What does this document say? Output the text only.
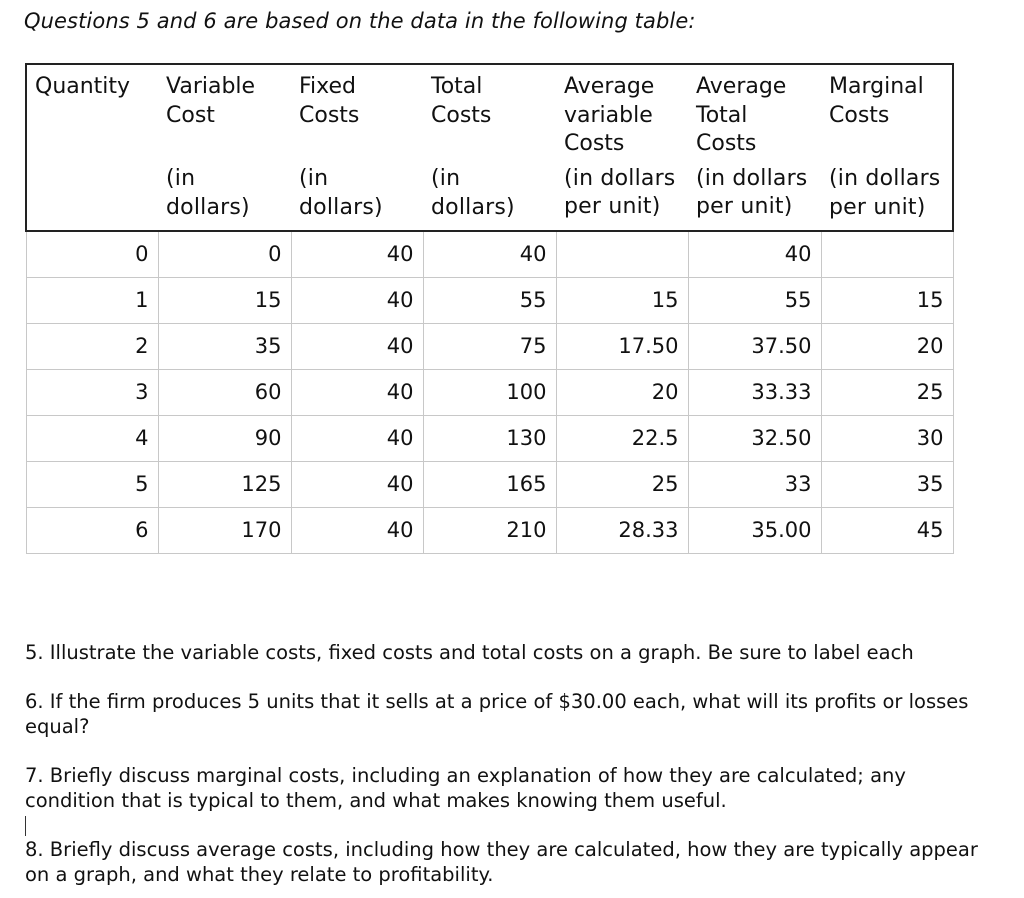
Questions 5 and 6 are based on the data in the following table:
Quantity	Variable
Cost
(in
dollars)	Fixed
Costs
(in
dollars)	Total
Costs
(in
dollars)	Average
variable
Costs
(in dollars
per unit)	Average
Total
Costs
(in dollars
per unit)	Marginal
Costs
(in dollars
per unit)

0	0	40	40		40	
1	15	40	55	15	55	15
2	35	40	75	17.50	37.50	20
3	60	40	100	20	33.33	25
4	90	40	130	22.5	32.50	30
5	125	40	165	25	33	35
6	170	40	210	28.33	35.00	45
5. Illustrate the variable costs, fixed costs and total costs on a graph. Be sure to label each
6. If the firm produces 5 units that it sells at a price of $30.00 each, what will its profits or losses equal?
7. Briefly discuss marginal costs, including an explanation of how they are calculated; any condition that is typical to them, and what makes knowing them useful.
8. Briefly discuss average costs, including how they are calculated, how they are typically appear on a graph, and what they relate to profitability.
